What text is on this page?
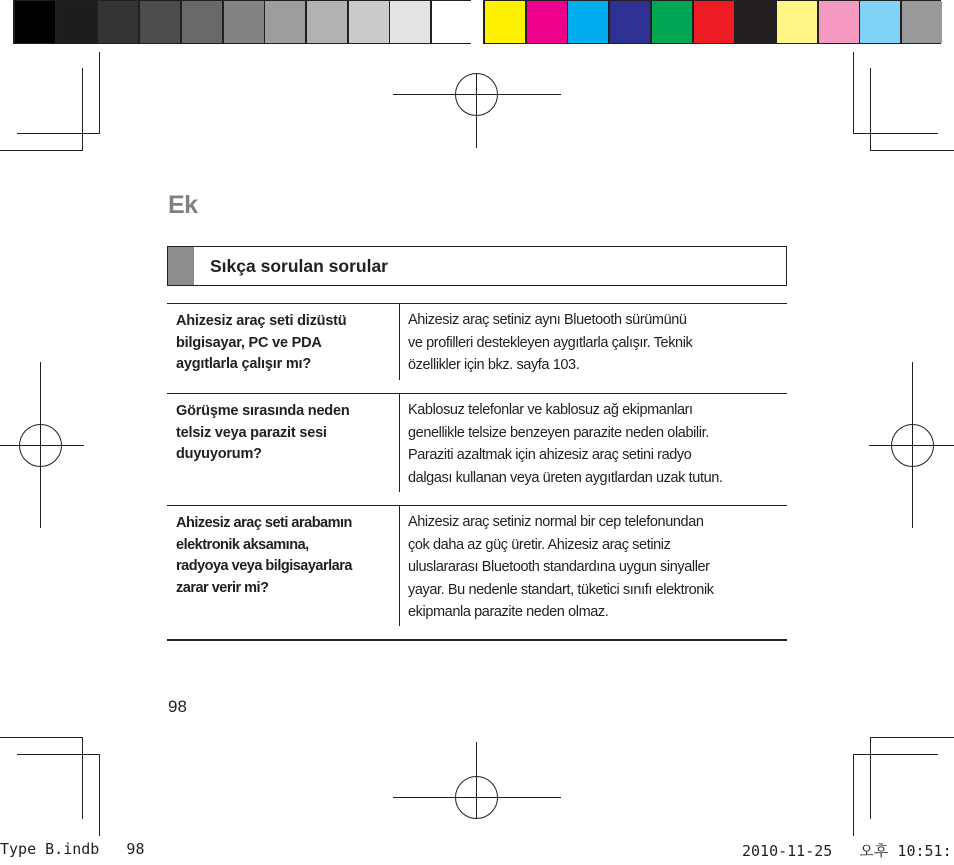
Ek
Sıkça sorulan sorular
Ahizesiz araç seti dizüstü
bilgisayar, PC ve PDA
aygıtlarla çalışır mı?
Ahizesiz araç setiniz aynı Bluetooth sürümünü
ve profilleri destekleyen aygıtlarla çalışır. Teknik
özellikler için bkz. sayfa 103.
Görüşme sırasında neden
telsiz veya parazit sesi
duyuyorum?
Kablosuz telefonlar ve kablosuz ağ ekipmanları
genellikle telsize benzeyen parazite neden olabilir.
Paraziti azaltmak için ahizesiz araç setini radyo
dalgası kullanan veya üreten aygıtlardan uzak tutun.
Ahizesiz araç seti arabamın
elektronik aksamına,
radyoya veya bilgisayarlara
zarar verir mi?
Ahizesiz araç setiniz normal bir cep telefonundan
çok daha az güç üretir. Ahizesiz araç setiniz
uluslararası Bluetooth standardına uygun sinyaller
yayar. Bu nedenle standart, tüketici sınıfı elektronik
ekipmanla parazite neden olmaz.
98
Type B.indb   98	2010-11-25   오후 10:51:
